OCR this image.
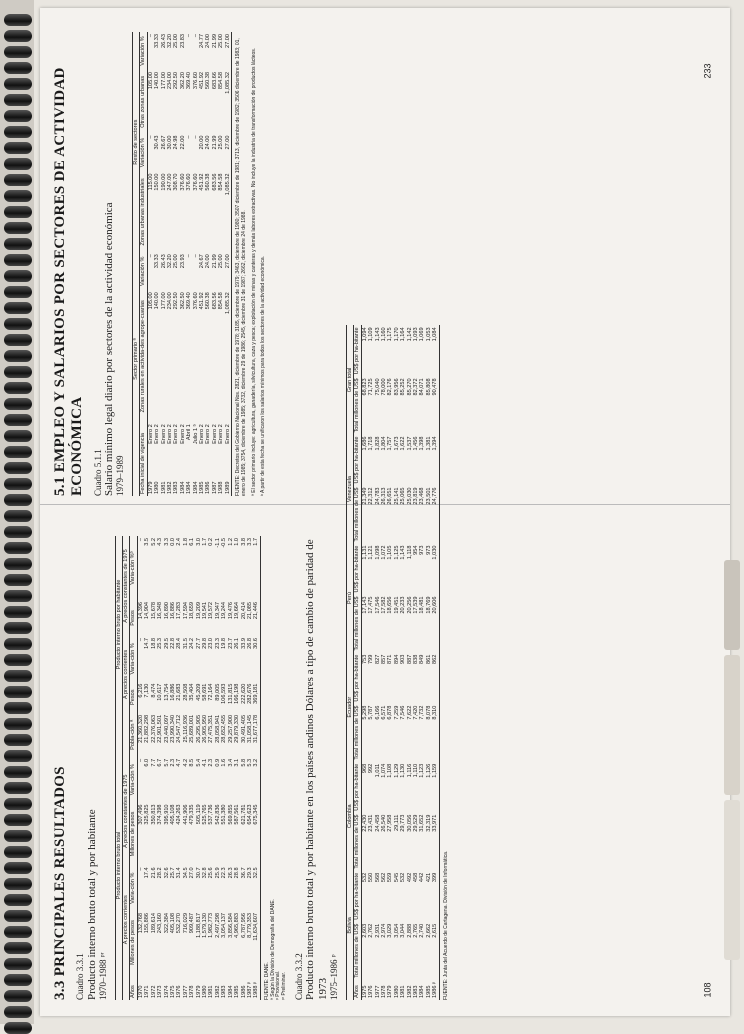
5.1 EMPLEO Y SALARIOS POR SECTORES DE ACTIVIDAD ECONÓMICA Cuadro 5.1.1 Salario mínimo legal diario por sectores de la actividad económica 1979–1989
	Sector primario ª			Resto de sectores			
Fecha inicial de vigencia		Zonas rurales en activida-des agrope-cuarias	Variación %	Zonas urbanas industriales	Variación %	Otras zonas urbanas	Variación %
1979	Enero 2	105.00	–	115.00	–	105.00	–
1980	Enero 2	140.00	33.33	150.00	30.43	140.00	33.33
1981	Enero 2	177.00	26.43	190.00	26.67	177.00	26.43
1982	Enero 2	234.00	32.20	247.00	30.00	234.00	32.20
1983	Enero 2	292.50	25.00	308.70	24.98	292.50	25.00
1984	Enero 2	362.50	23.93	376.60	22.00	362.20	23.83
1984	Abril 1	369.40	–	376.60	–	369.40	–
1984	Julio 1 ᵇ	376.60	–	376.60	–	376.60	–
1985	Enero 2	451.92	24.67	451.92	20.00	451.92	24.77
1986	Enero 2	560.38	24.00	560.38	24.00	560.38	24.00
1987	Enero 2	683.56	21.99	683.56	21.99	683.66	21.99
1988	Enero 2	854.58	25.00	854.58	25.00	854.58	25.00
1989	Enero 2	1,085.32	27.00	1,085.32	27.00	1,085.32	27.00 FUENTE: Decretos del Gobierno Nacional Nos. 2821, diciembre de 1978; 3185, diciembre de 1979; 3463, diciembre de 1980; 3507 diciembre de 1981; 3713, diciembre de 1982; 3506 diciembre de 1983; 01, enero de 1985; 3754, diciembre de 1985; 3732, diciembre 29 de 1986; 2545, diciembre 31 de 1987; 2662, diciembre 24 de 1988. ª El sector primario incluye: agricultura, ganadería, silvicultura, caza y pesca; explotación de minas y canteras y demás labores extractivas. No incluye la industria de transformación de productos lácteos. ᵇ A partir de esta fecha se unificaron los salarios mínimos para todos los sectores de la actividad económica.
3.3 PRINCIPALES RESULTADOS Cuadro 3.3.1 Producto interno bruto total y por habitante 1970–1988 ᵖʳ
	Producto interno bruto total					Producto interno bruto por habitante			
	A precios corrientes		A precios constantes de 1975			A precios corrientes		A precios constantes de 1975	
Años	Millones de pesos	Varia-ción %	Millones de pesos	Varia-ción %	Pobla-ción ª	Pesos	Varia-ción %	Pesos	Varia-ción %ᵇ
1970	132,768	–	307,496	–	21,360,320	6,216	–	14,396	–
1971	155,886	17.4	325,825	6.0	21,882,298	7,130	14.7	14,904	3.5
1972	189,614	21.6	350,813	7.7	22,376,063	8,474	18.8	15,678	5.2
1973	243,160	28.2	374,398	6.7	22,901,501	10,617	25.3	16,348	4.3
1974	322,384	32.6	395,910	5.7	23,440,097	13,754	29.5	16,890	3.3
1975	405,108	25.7	405,108	2.3	23,990,340	16,886	22.8	16,886	0.0
1976	532,270	31.4	424,263	4.7	24,547,712	21,683	28.4	17,283	2.4
1977	716,029	34.5	441,906	4.2	25,116,936	28,508	31.5	17,594	1.8
1978	909,487	27.0	479,335	8.5	25,689,001	35,404	24.2	18,659	6.1
1979	1,188,817	30.7	505,119	5.4	26,295,905	45,209	27.7	19,209	3.0
1980	1,579,130	32.8	525,765	4.1	26,905,950	58,691	29.8	19,541	1.7
1981	1,982,773	25.6	537,736	2.3	27,475,351	72,164	23.0	19,572	0.2
1982	2,497,298	25.9	542,836	0.9	28,058,941	89,005	23.3	19,347	-1.1
1983	3,054,137	22.3	551,380	1.6	28,652,455	106,593	19.8	19,244	-0.5
1984	3,856,584	26.3	569,855	3.4	29,257,900	131,815	23.7	19,476	1.2
1985	4,965,883	28.8	587,561	3.1	29,879,330	166,198	26.1	19,664	1.0
1986	6,787,956	36.7	621,781	5.8	30,491,405	222,620	33.9	20,414	3.8
1987 ᵖ	8,779,353	29.3	654,623	5.3	31,058,145	282,676	26.8	21,085	3.3
1988 ᵖ	11,634,607	32.5	675,345	3.2	31,677,178	369,181	30.6	21,446	1.7
FUENTE: DANE.
ª Según la División de Demografía del DANE.
ᵖ Provisional.
ᵖʳ Preliminar. Cuadro 3.3.2 Producto interno bruto total y por habitante en los países andinos Dólares a tipo de cambio de paridad de 1973 1975–1986 ᵖ
	Bolivia		Colombia		Ecuador		Perú		Venezuela		Gran total	
Años	Total millones de US$	US$ por ha-bitante	Total millones de US$	US$ por ha-bitante	Total millones de US$	US$ por ha-bitante	Total millones de US$	US$ por ha-bitante	Total millones de US$	US$ por ha-bitante	Total millones de US$	US$ por ha-bitante
1975	2,603	532	22,430	968	5,298	753	17,143	1,131	21,349	1,686	68,823	1,094
1976	2,762	550	23,431	992	5,787	799	17,475	1,121	22,312	1,718	71,725	1,109
1977	2,931	568	24,458	1,011	6,166	827	17,546	1,098	24,783	1,828	75,040	1,143
1978	2,974	562	26,540	1,074	6,571	857	17,582	1,072	26,313	1,804	78,000	1,160
1979	3,029	559	27,958	1,108	6,878	871	18,656	1,105	26,651	1,757	82,176	1,175
1980	3,054	545	29,111	1,129	7,259	894	19,451	1,125	25,141	1,673	83,956	1,170
1981	3,044	532	29,773	1,130	7,546	903	20,233	1,143	25,065	1,622	85,252	1,164
1982	2,888	492	30,056	1,116	7,622	887	20,256	1,118	25,030	1,537	85,270	1,142
1983	2,765	458	29,529	1,110	7,420	838	17,539	954	23,819	1,456	82,372	1,093
1984	2,740	442	31,652	1,123	7,732	849	18,481	973	23,468	1,398	84,071	1,069
1985	2,662	421	32,319	1,126	8,078	861	18,769	973	23,501	1,381	85,808	1,053
1986 ᵖ	2,615	399	33,971	1,159	8,310	862	20,606	1,030	24,776	1,394	90,478	1,084
FUENTE: Junta del Acuerdo de Cartagena. División de Informática.
233
108
